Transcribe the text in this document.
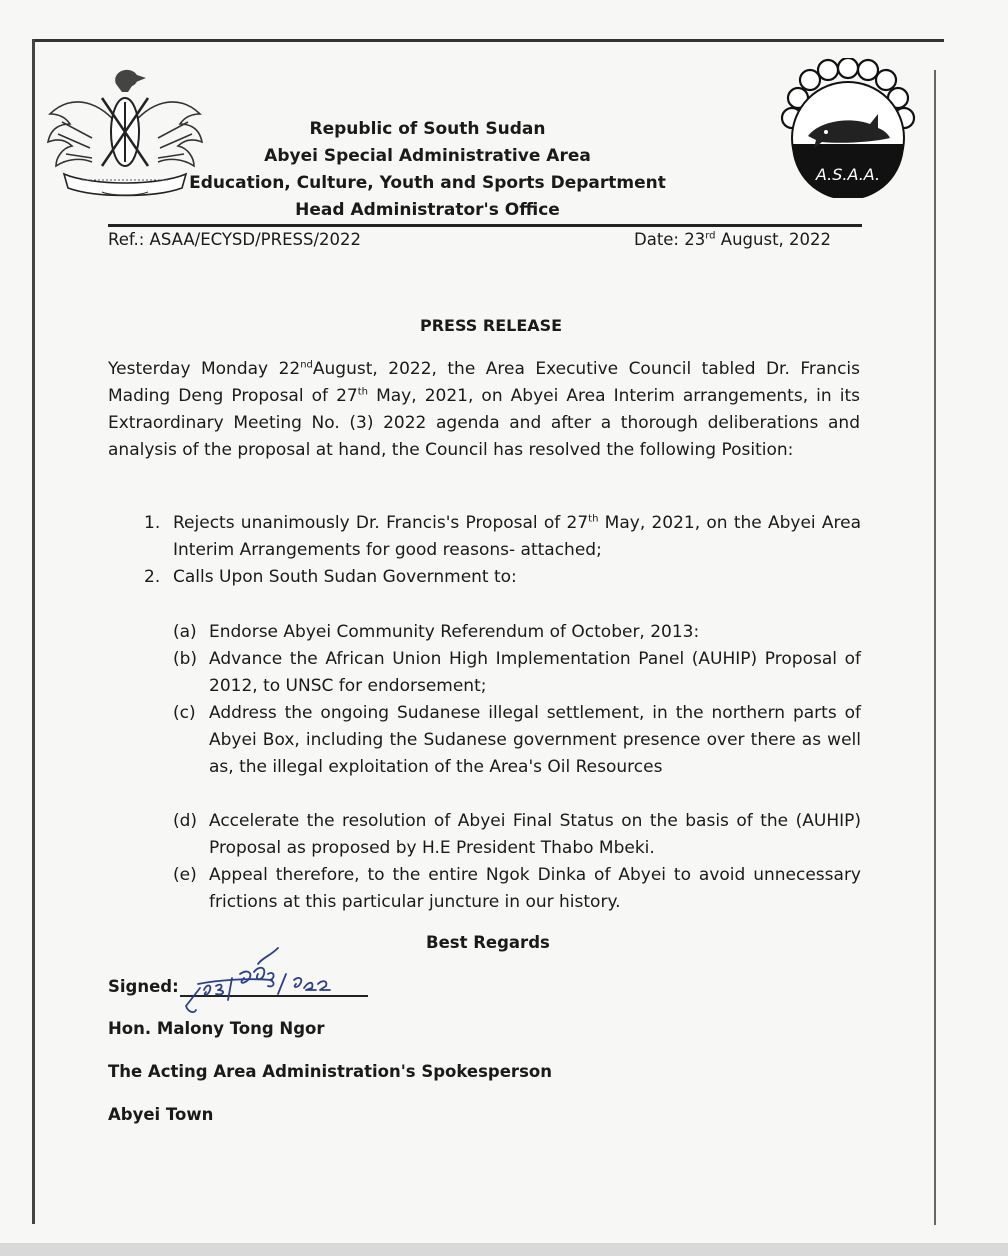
A.S.A.A.
Republic of South Sudan
Abyei Special Administrative Area
Education, Culture, Youth and Sports Department
Head Administrator's Office
Ref.: ASAA/ECYSD/PRESS/2022	Date: 23rd August, 2022
PRESS RELEASE

Yesterday Monday 22ndAugust, 2022, the Area Executive Council tabled Dr. Francis Mading Deng Proposal of 27th May, 2021, on Abyei Area Interim arrangements, in its Extraordinary Meeting No. (3) 2022 agenda and after a thorough deliberations and analysis of the proposal at hand, the Council has resolved the following Position:

1. Rejects unanimously Dr. Francis's Proposal of 27th May, 2021, on the Abyei Area Interim Arrangements for good reasons- attached;

2. Calls Upon South Sudan Government to:

(a) Endorse Abyei Community Referendum of October, 2013:

(b) Advance the African Union High Implementation Panel (AUHIP) Proposal of 2012, to UNSC for endorsement;

(c) Address the ongoing Sudanese illegal settlement, in the northern parts of Abyei Box, including the Sudanese government presence over there as well as, the illegal exploitation of the Area's Oil Resources

(d) Accelerate the resolution of Abyei Final Status on the basis of the (AUHIP) Proposal as proposed by H.E President Thabo Mbeki.

(e) Appeal therefore, to the entire Ngok Dinka of Abyei to avoid unnecessary frictions at this particular juncture in our history.

Best Regards
Signed:
Hon. Malony Tong Ngor
The Acting Area Administration's Spokesperson
Abyei Town
